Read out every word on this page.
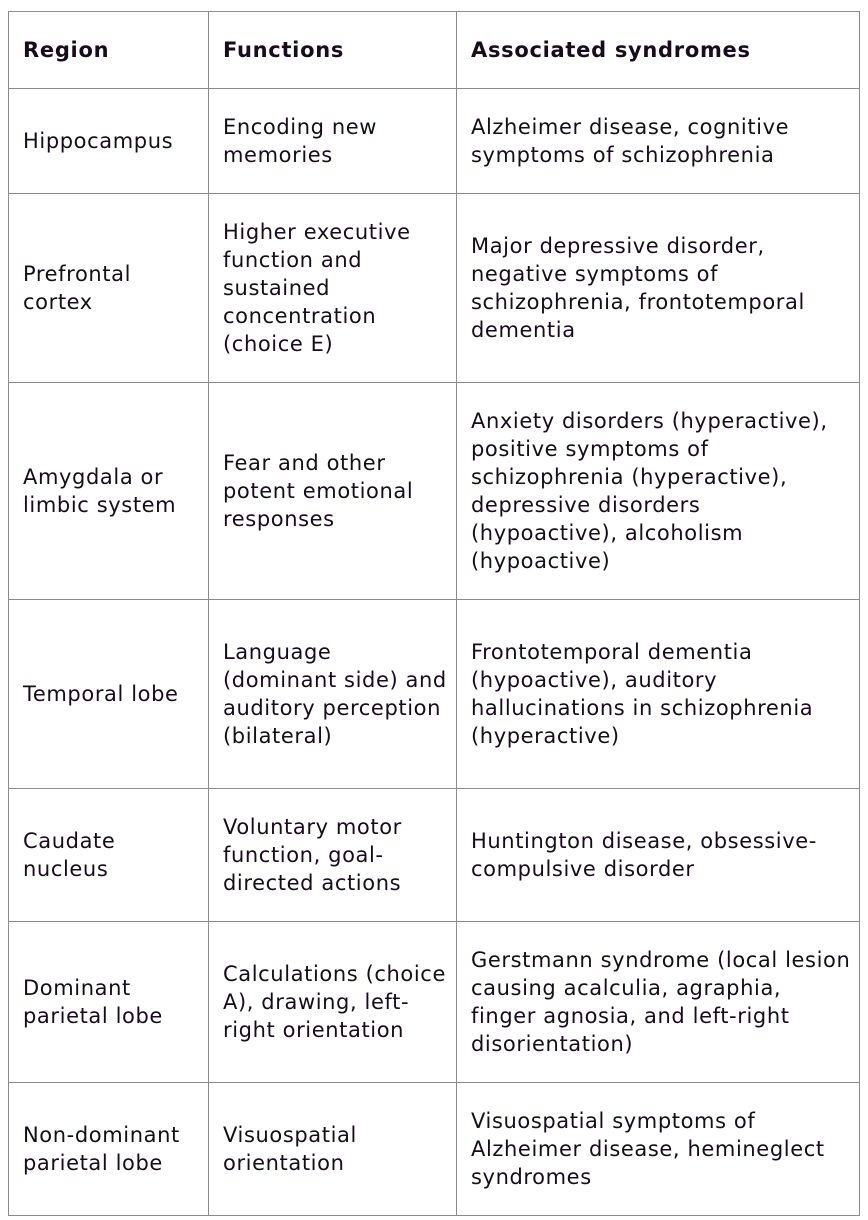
Region	Functions	Associated syndromes
Hippocampus	Encoding new memories	Alzheimer disease, cognitive symptoms of schizophrenia
Prefrontal cortex	Higher executive function and sustained concentration (choice E)	Major depressive disorder, negative symptoms of schizophrenia, frontotemporal dementia
Amygdala or limbic system	Fear and other potent emotional responses	Anxiety disorders (hyperactive), positive symptoms of schizophrenia (hyperactive), depressive disorders (hypoactive), alcoholism (hypoactive)
Temporal lobe	Language (dominant side) and auditory perception (bilateral)	Frontotemporal dementia (hypoactive), auditory hallucinations in schizophrenia (hyperactive)
Caudate nucleus	Voluntary motor function, goal-directed actions	Huntington disease, obsessive-compulsive disorder
Dominant parietal lobe	Calculations (choice A), drawing, left-right orientation	Gerstmann syndrome (local lesion causing acalculia, agraphia, finger agnosia, and left-right disorientation)
Non-dominant parietal lobe	Visuospatial orientation	Visuospatial symptoms of Alzheimer disease, hemineglect syndromes
